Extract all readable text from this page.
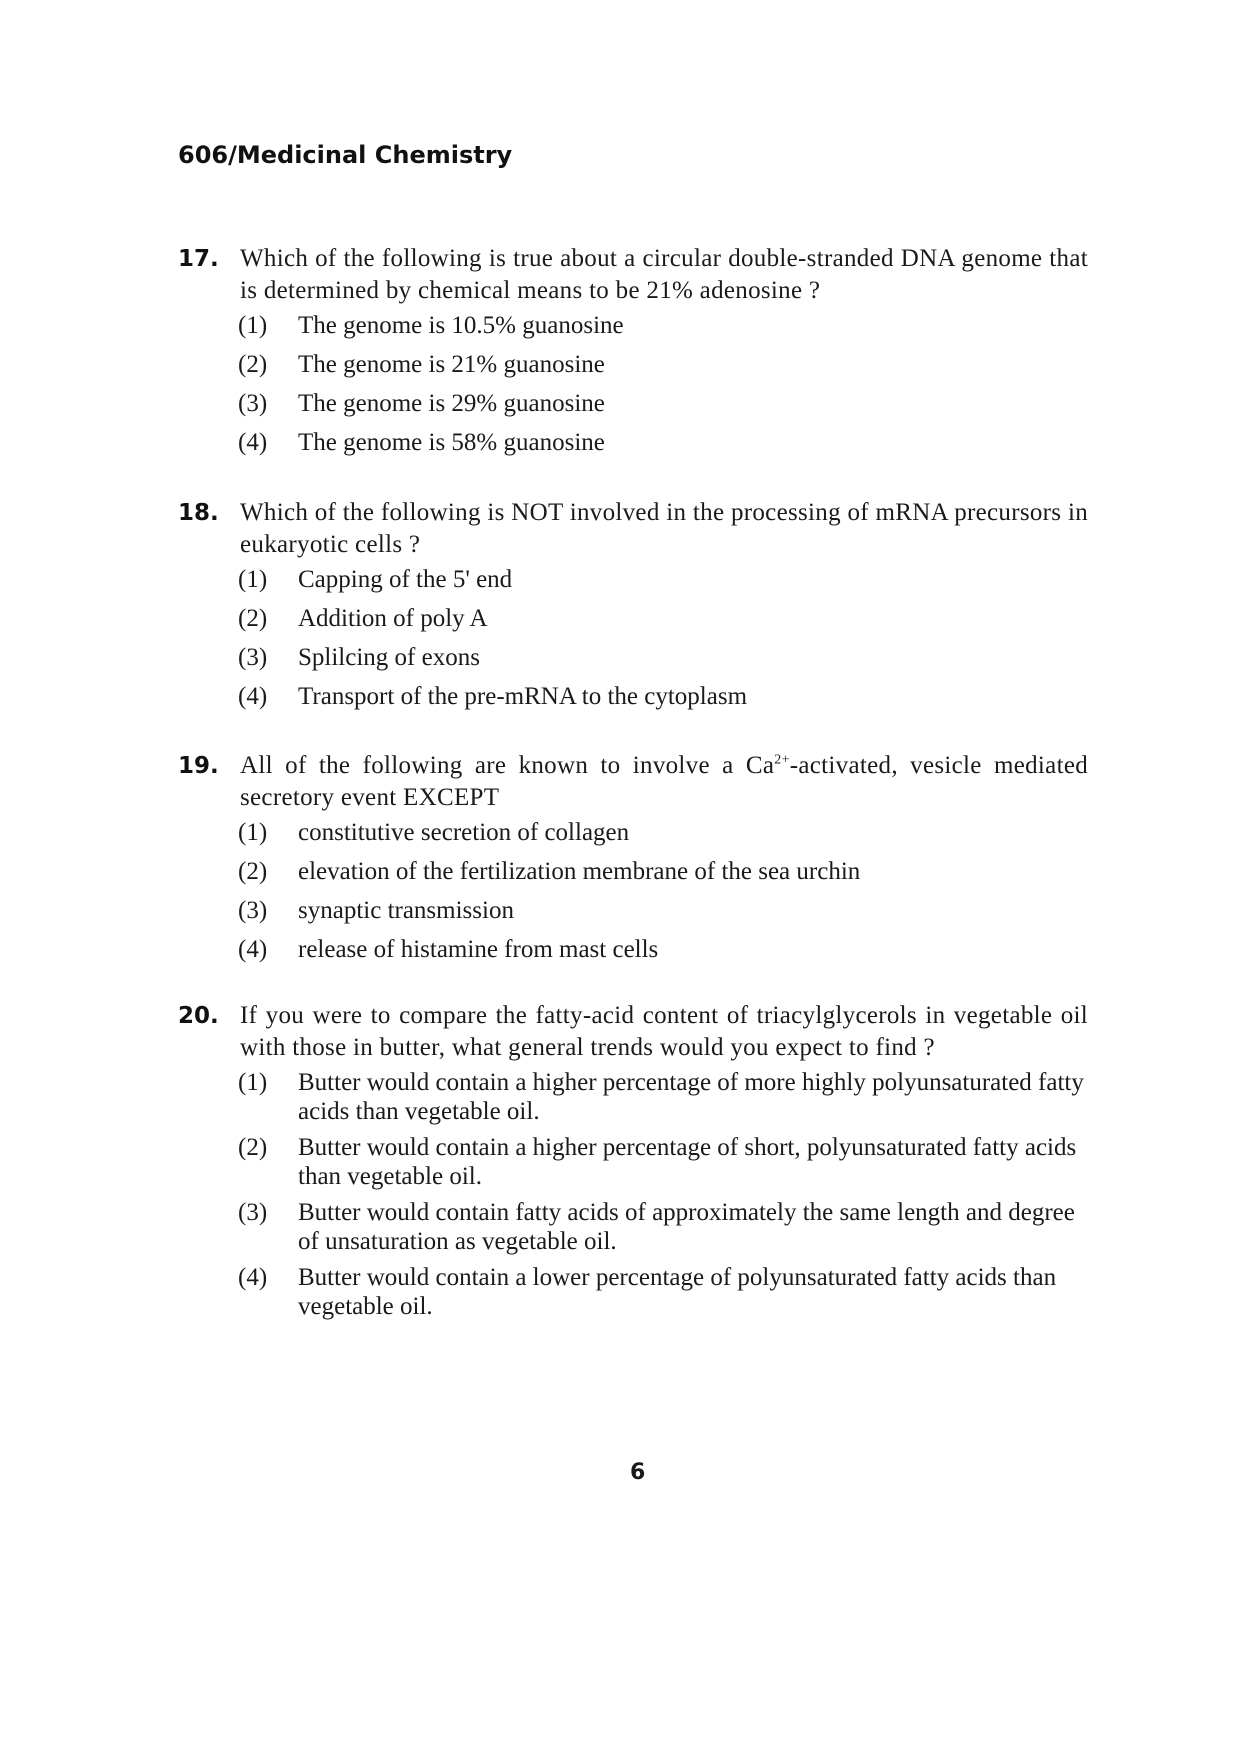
606/Medicinal Chemistry
17. Which of the following is true about a circular double-stranded DNA genome that is determined by chemical means to be 21% adenosine ?
(1) The genome is 10.5% guanosine
(2) The genome is 21% guanosine
(3) The genome is 29% guanosine
(4) The genome is 58% guanosine
18. Which of the following is NOT involved in the processing of mRNA precursors in eukaryotic cells ?
(1) Capping of the 5' end
(2) Addition of poly A
(3) Splilcing of exons
(4) Transport of the pre-mRNA to the cytoplasm
19. All of the following are known to involve a $Ca^{2+}$-activated, vesicle mediated secretory event EXCEPT
(1) constitutive secretion of collagen
(2) elevation of the fertilization membrane of the sea urchin
(3) synaptic transmission
(4) release of histamine from mast cells
20. If you were to compare the fatty-acid content of triacylglycerols in vegetable oil with those in butter, what general trends would you expect to find ?
(1) Butter would contain a higher percentage of more highly polyunsaturated fatty acids than vegetable oil.
(2) Butter would contain a higher percentage of short, polyunsaturated fatty acids than vegetable oil.
(3) Butter would contain fatty acids of approximately the same length and degree of unsaturation as vegetable oil.
(4) Butter would contain a lower percentage of polyunsaturated fatty acids than vegetable oil.
6
